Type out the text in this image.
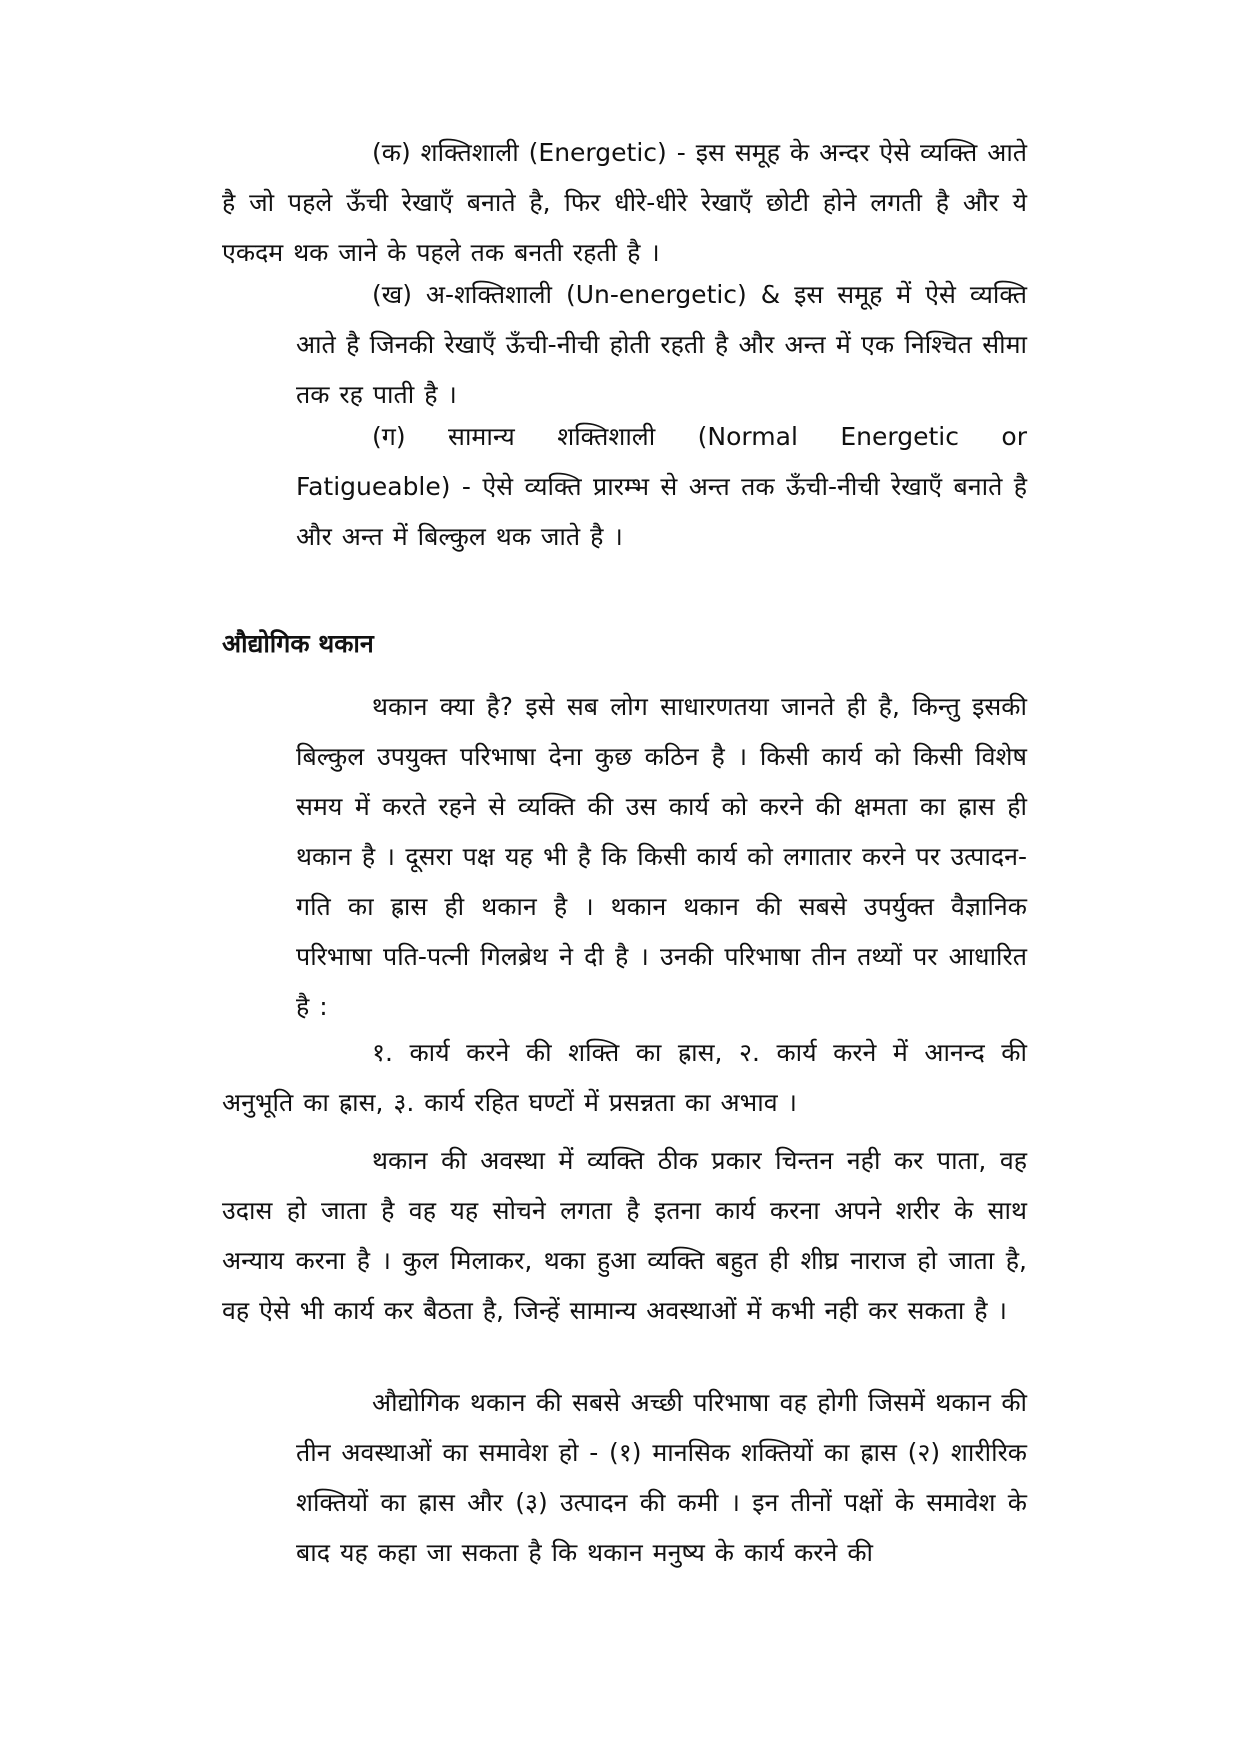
(क) शक्तिशाली (Energetic) - इस समूह के अन्दर ऐसे व्यक्ति आते है जो पहले ऊँची रेखाएँ बनाते है, फिर धीरे-धीरे रेखाएँ छोटी होने लगती है और ये एकदम थक जाने के पहले तक बनती रहती है ।

(ख) अ-शक्तिशाली (Un-energetic) & इस समूह में ऐसे व्यक्ति आते है जिनकी रेखाएँ ऊँची-नीची होती रहती है और अन्त में एक निश्चित सीमा तक रह पाती है ।

(ग) सामान्य शक्तिशाली (Normal Energetic or Fatigueable) - ऐसे व्यक्ति प्रारम्भ से अन्त तक ऊँची-नीची रेखाएँ बनाते है और अन्त में बिल्कुल थक जाते है ।

औद्योगिक थकान

थकान क्या है? इसे सब लोग साधारणतया जानते ही है, किन्तु इसकी बिल्कुल उपयुक्त परिभाषा देना कुछ कठिन है । किसी कार्य को किसी विशेष समय में करते रहने से व्यक्ति की उस कार्य को करने की क्षमता का ह्रास ही थकान है । दूसरा पक्ष यह भी है कि किसी कार्य को लगातार करने पर उत्पादन-गति का ह्रास ही थकान है । थकान थकान की सबसे उपर्युक्त वैज्ञानिक परिभाषा पति-पत्नी गिलब्रेथ ने दी है । उनकी परिभाषा तीन तथ्यों पर आधारित है :

१. कार्य करने की शक्ति का ह्रास, २. कार्य करने में आनन्द की अनुभूति का ह्रास, ३. कार्य रहित घण्टों में प्रसन्नता का अभाव ।

थकान की अवस्था में व्यक्ति ठीक प्रकार चिन्तन नही कर पाता, वह उदास हो जाता है वह यह सोचने लगता है इतना कार्य करना अपने शरीर के साथ अन्याय करना है । कुल मिलाकर, थका हुआ व्यक्ति बहुत ही शीघ्र नाराज हो जाता है, वह ऐसे भी कार्य कर बैठता है, जिन्हें सामान्य अवस्थाओं में कभी नही कर सकता है ।

औद्योगिक थकान की सबसे अच्छी परिभाषा वह होगी जिसमें थकान की तीन अवस्थाओं का समावेश हो - (१) मानसिक शक्तियों का ह्रास (२) शारीरिक शक्तियों का ह्रास और (३) उत्पादन की कमी । इन तीनों पक्षों के समावेश के बाद यह कहा जा सकता है कि थकान मनुष्य के कार्य करने की
